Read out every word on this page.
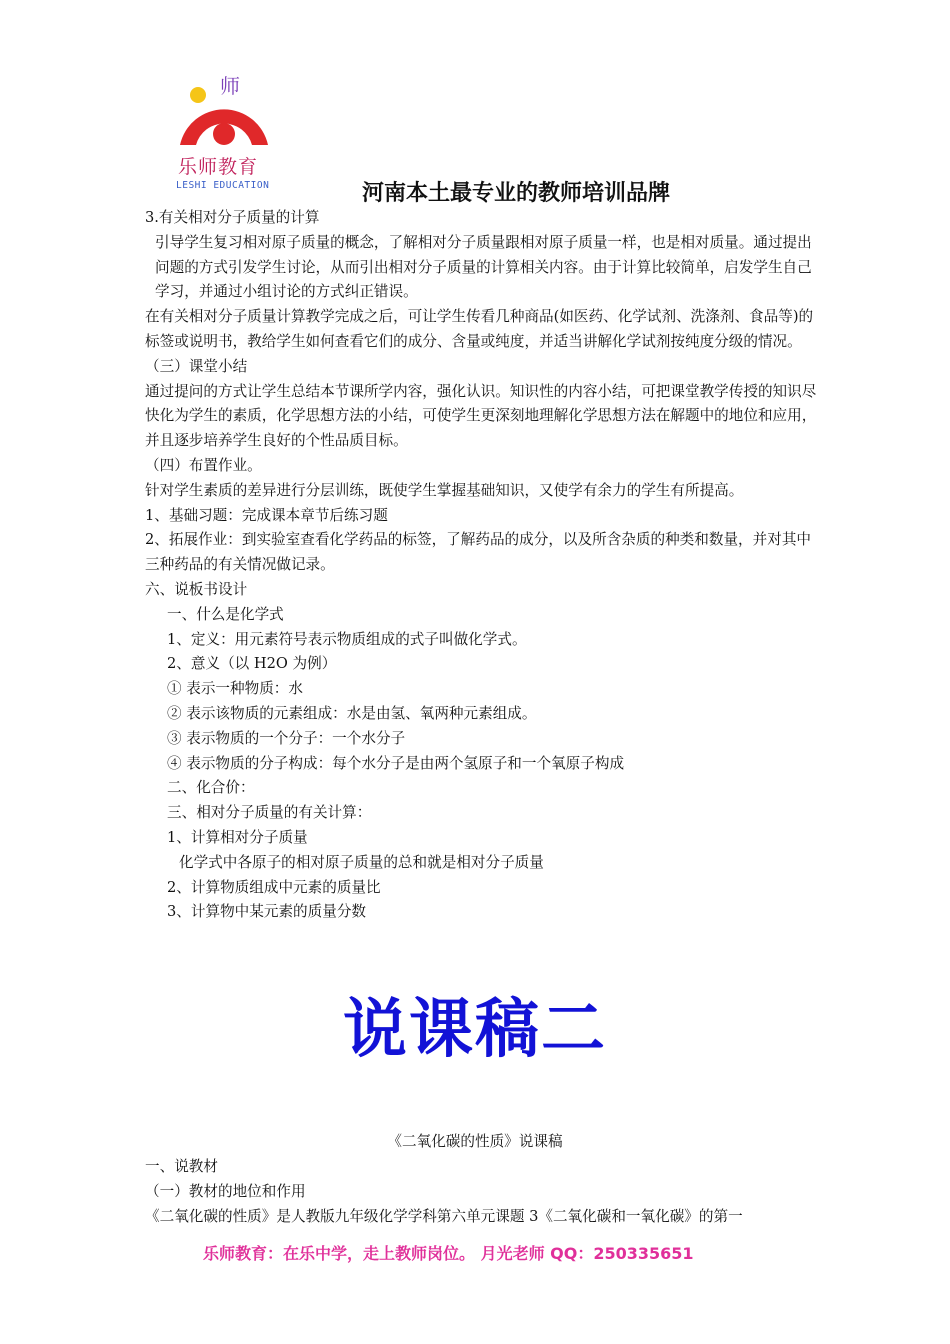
师
乐师教育
LESHI EDUCATION	河南本土最专业的教师培训品牌

3.有关相对分子质量的计算

引导学生复习相对原子质量的概念，了解相对分子质量跟相对原子质量一样，也是相对质量。通过提出问题的方式引发学生讨论，从而引出相对分子质量的计算相关内容。由于计算比较简单，启发学生自己学习，并通过小组讨论的方式纠正错误。

在有关相对分子质量计算教学完成之后，可让学生传看几种商品(如医药、化学试剂、洗涤剂、食品等)的标签或说明书，教给学生如何查看它们的成分、含量或纯度，并适当讲解化学试剂按纯度分级的情况。

（三）课堂小结

通过提问的方式让学生总结本节课所学内容，强化认识。知识性的内容小结，可把课堂教学传授的知识尽快化为学生的素质，化学思想方法的小结，可使学生更深刻地理解化学思想方法在解题中的地位和应用，并且逐步培养学生良好的个性品质目标。

（四）布置作业。

针对学生素质的差异进行分层训练，既使学生掌握基础知识，又使学有余力的学生有所提高。

1、基础习题：完成课本章节后练习题

2、拓展作业：到实验室查看化学药品的标签，了解药品的成分，以及所含杂质的种类和数量，并对其中三种药品的有关情况做记录。

六、说板书设计

一、什么是化学式

1、定义：用元素符号表示物质组成的式子叫做化学式。

2、意义（以 H2O 为例）

① 表示一种物质：水

② 表示该物质的元素组成：水是由氢、氧两种元素组成。

③ 表示物质的一个分子：一个水分子

④ 表示物质的分子构成：每个水分子是由两个氢原子和一个氧原子构成

二、化合价：

三、相对分子质量的有关计算：

1、计算相对分子质量

化学式中各原子的相对原子质量的总和就是相对分子质量

2、计算物质组成中元素的质量比

3、计算物中某元素的质量分数

说课稿二
《二氧化碳的性质》说课稿

一、说教材

（一）教材的地位和作用

《二氧化碳的性质》是人教版九年级化学学科第六单元课题 3《二氧化碳和一氧化碳》的第一

乐师教育：在乐中学，走上教师岗位。 月光老师 QQ：250335651
